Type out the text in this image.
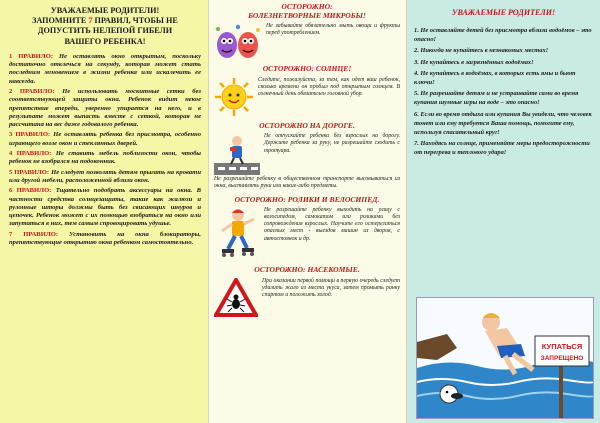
УВАЖАЕМЫЕ РОДИТЕЛИ!
ЗАПОМНИТЕ 7 ПРАВИЛ, ЧТОБЫ НЕ
ДОПУСТИТЬ НЕЛЕПОЙ ГИБЕЛИ
ВАШЕГО РЕБЕНКА!

1 ПРАВИЛО: Не оставлять окно открытым, поскольку достаточно отвлечься на секунду, которая может стать последним мгновением в жизни ребенка или искалечить ее навсегда.

2 ПРАВИЛО: Не использовать москитные сетки без соответствующей защиты окна. Ребенок видит некое препятствие впереди, уверенно упирается на него, и в результате может выпасть вместе с сеткой, которая не рассчитана на вес даже годовалого ребенка.

3 ПРАВИЛО: Не оставлять ребенка без присмотра, особенно играющего возле окон и стеклянных дверей.

4 ПРАВИЛО: Не ставить мебель поблизости окон, чтобы ребенок не взобрался на подоконник.

5 ПРАВИЛО: Не следует позволять детям прыгать на кровати или другой мебели, расположенной вблизи окон.

6 ПРАВИЛО: Тщательно подобрать аксессуары на окна. В частности средства солнцезащиты, такие как жалюзи и рулонные шторы должны быть без свисающих шнуров и цепочек. Ребенок может с их помощью взобраться на окно или запутаться в них, тем самым спровоцировать удушье.

7 ПРАВИЛО: Установить на окна блокираторы, препятствующие открытию окна ребенком самостоятельно.

ОСТОРОЖНО:
БОЛЕЗНЕТВОРНЫЕ МИКРОБЫ!

Не забывайте обязательно мыть овощи и фрукты перед употреблением.

ОСТОРОЖНО: СОЛНЦЕ!

Следите, пожалуйста, за тем, как одет ваш ребенок, сколько времени он пробыл под открытым солнцем. В солнечный день обязателен головной убор.

ОСТОРОЖНО НА ДОРОГЕ.

Не отпускайте ребенка без взрослых на дорогу. Держите ребенка за руку, не разрешайте сходить с тротуара.

Не разрешайте ребенку в общественном транспорте высовываться из окна, выставлять руки или какие-либо предметы.

ОСТОРОЖНО: РОЛИКИ И ВЕЛОСИПЕД.

Не разрешайте ребенку выходить на улицу с велосипедом, самокатом или роликами без сопровождения взрослых. Научите его остерегаться опасных мест - выездов машин из дворов, с автостоянок и др.

ОСТОРОЖНО: НАСЕКОМЫЕ.

При оказании первой помощи в первую очередь следует удалить жало из места укуса, затем промыть ранку спиртом и положить холод.

УВАЖАЕМЫЕ РОДИТЕЛИ!

1. Не оставляйте детей без присмотра вблизи водоёмов – это опасно!

2. Никогда не купайтесь в незнакомых местах!

3. Не купайтесь в загрязнённых водоёмах!

4. Не купайтесь в водоёмах, в которых есть ямы и бьют ключи!

5. Не разрешайте детям и не устраивайте сами во время купания шумные игры на воде – это опасно!

6. Если во время отдыха или купания Вы увидели, что человек тонет или ему требуется Ваша помощь, помогите ему, используя спасательный круг!

7. Находясь на солнце, применяйте меры предосторожности от перегрева и теплового удара!

КУПАТЬСЯ
ЗАПРЕЩЕНО
